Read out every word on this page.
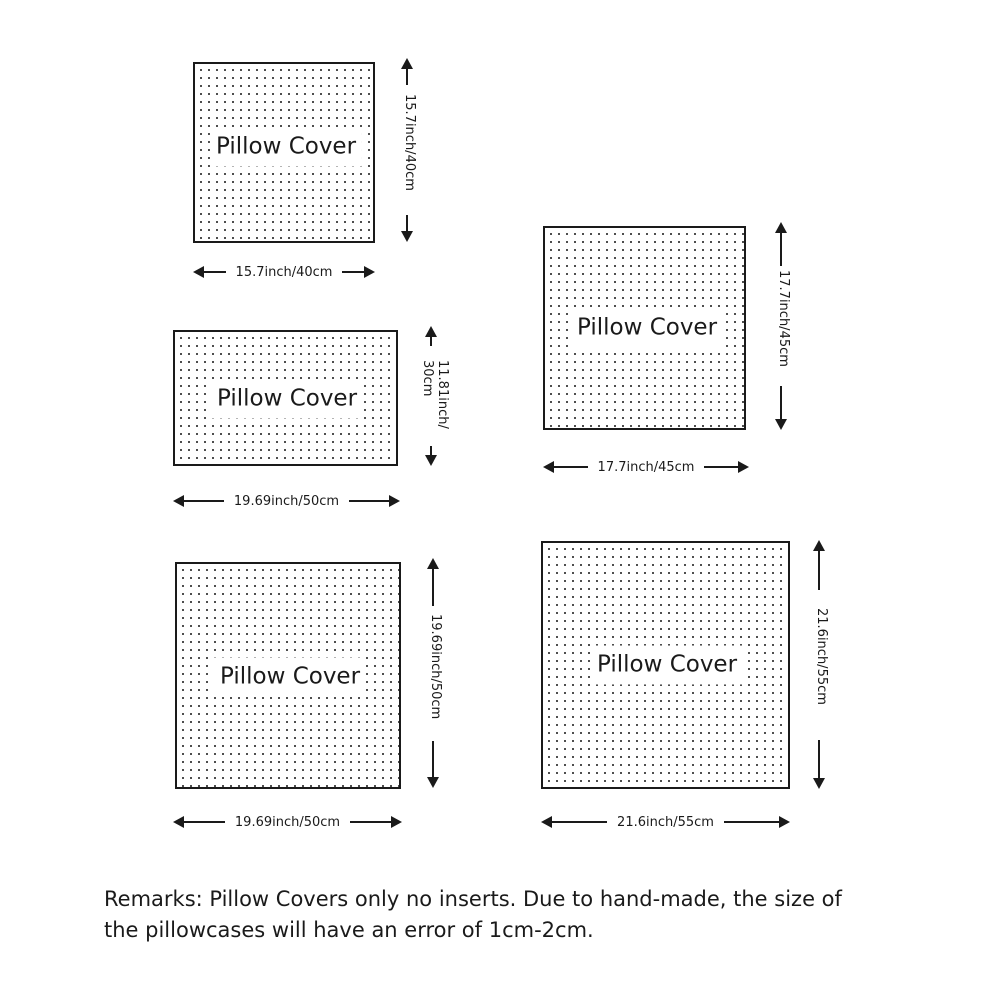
Pillow Cover
15.7inch/40cm
15.7inch/40cm
Pillow Cover
17.7inch/45cm
17.7inch/45cm
Pillow Cover
19.69inch/50cm
11.81inch/
30cm
Pillow Cover
19.69inch/50cm
19.69inch/50cm	Pillow Cover
21.6inch/55cm
21.6inch/55cm
Remarks: Pillow Covers only no inserts. Due to hand-made, the size of
the pillowcases will have an error of 1cm-2cm.
